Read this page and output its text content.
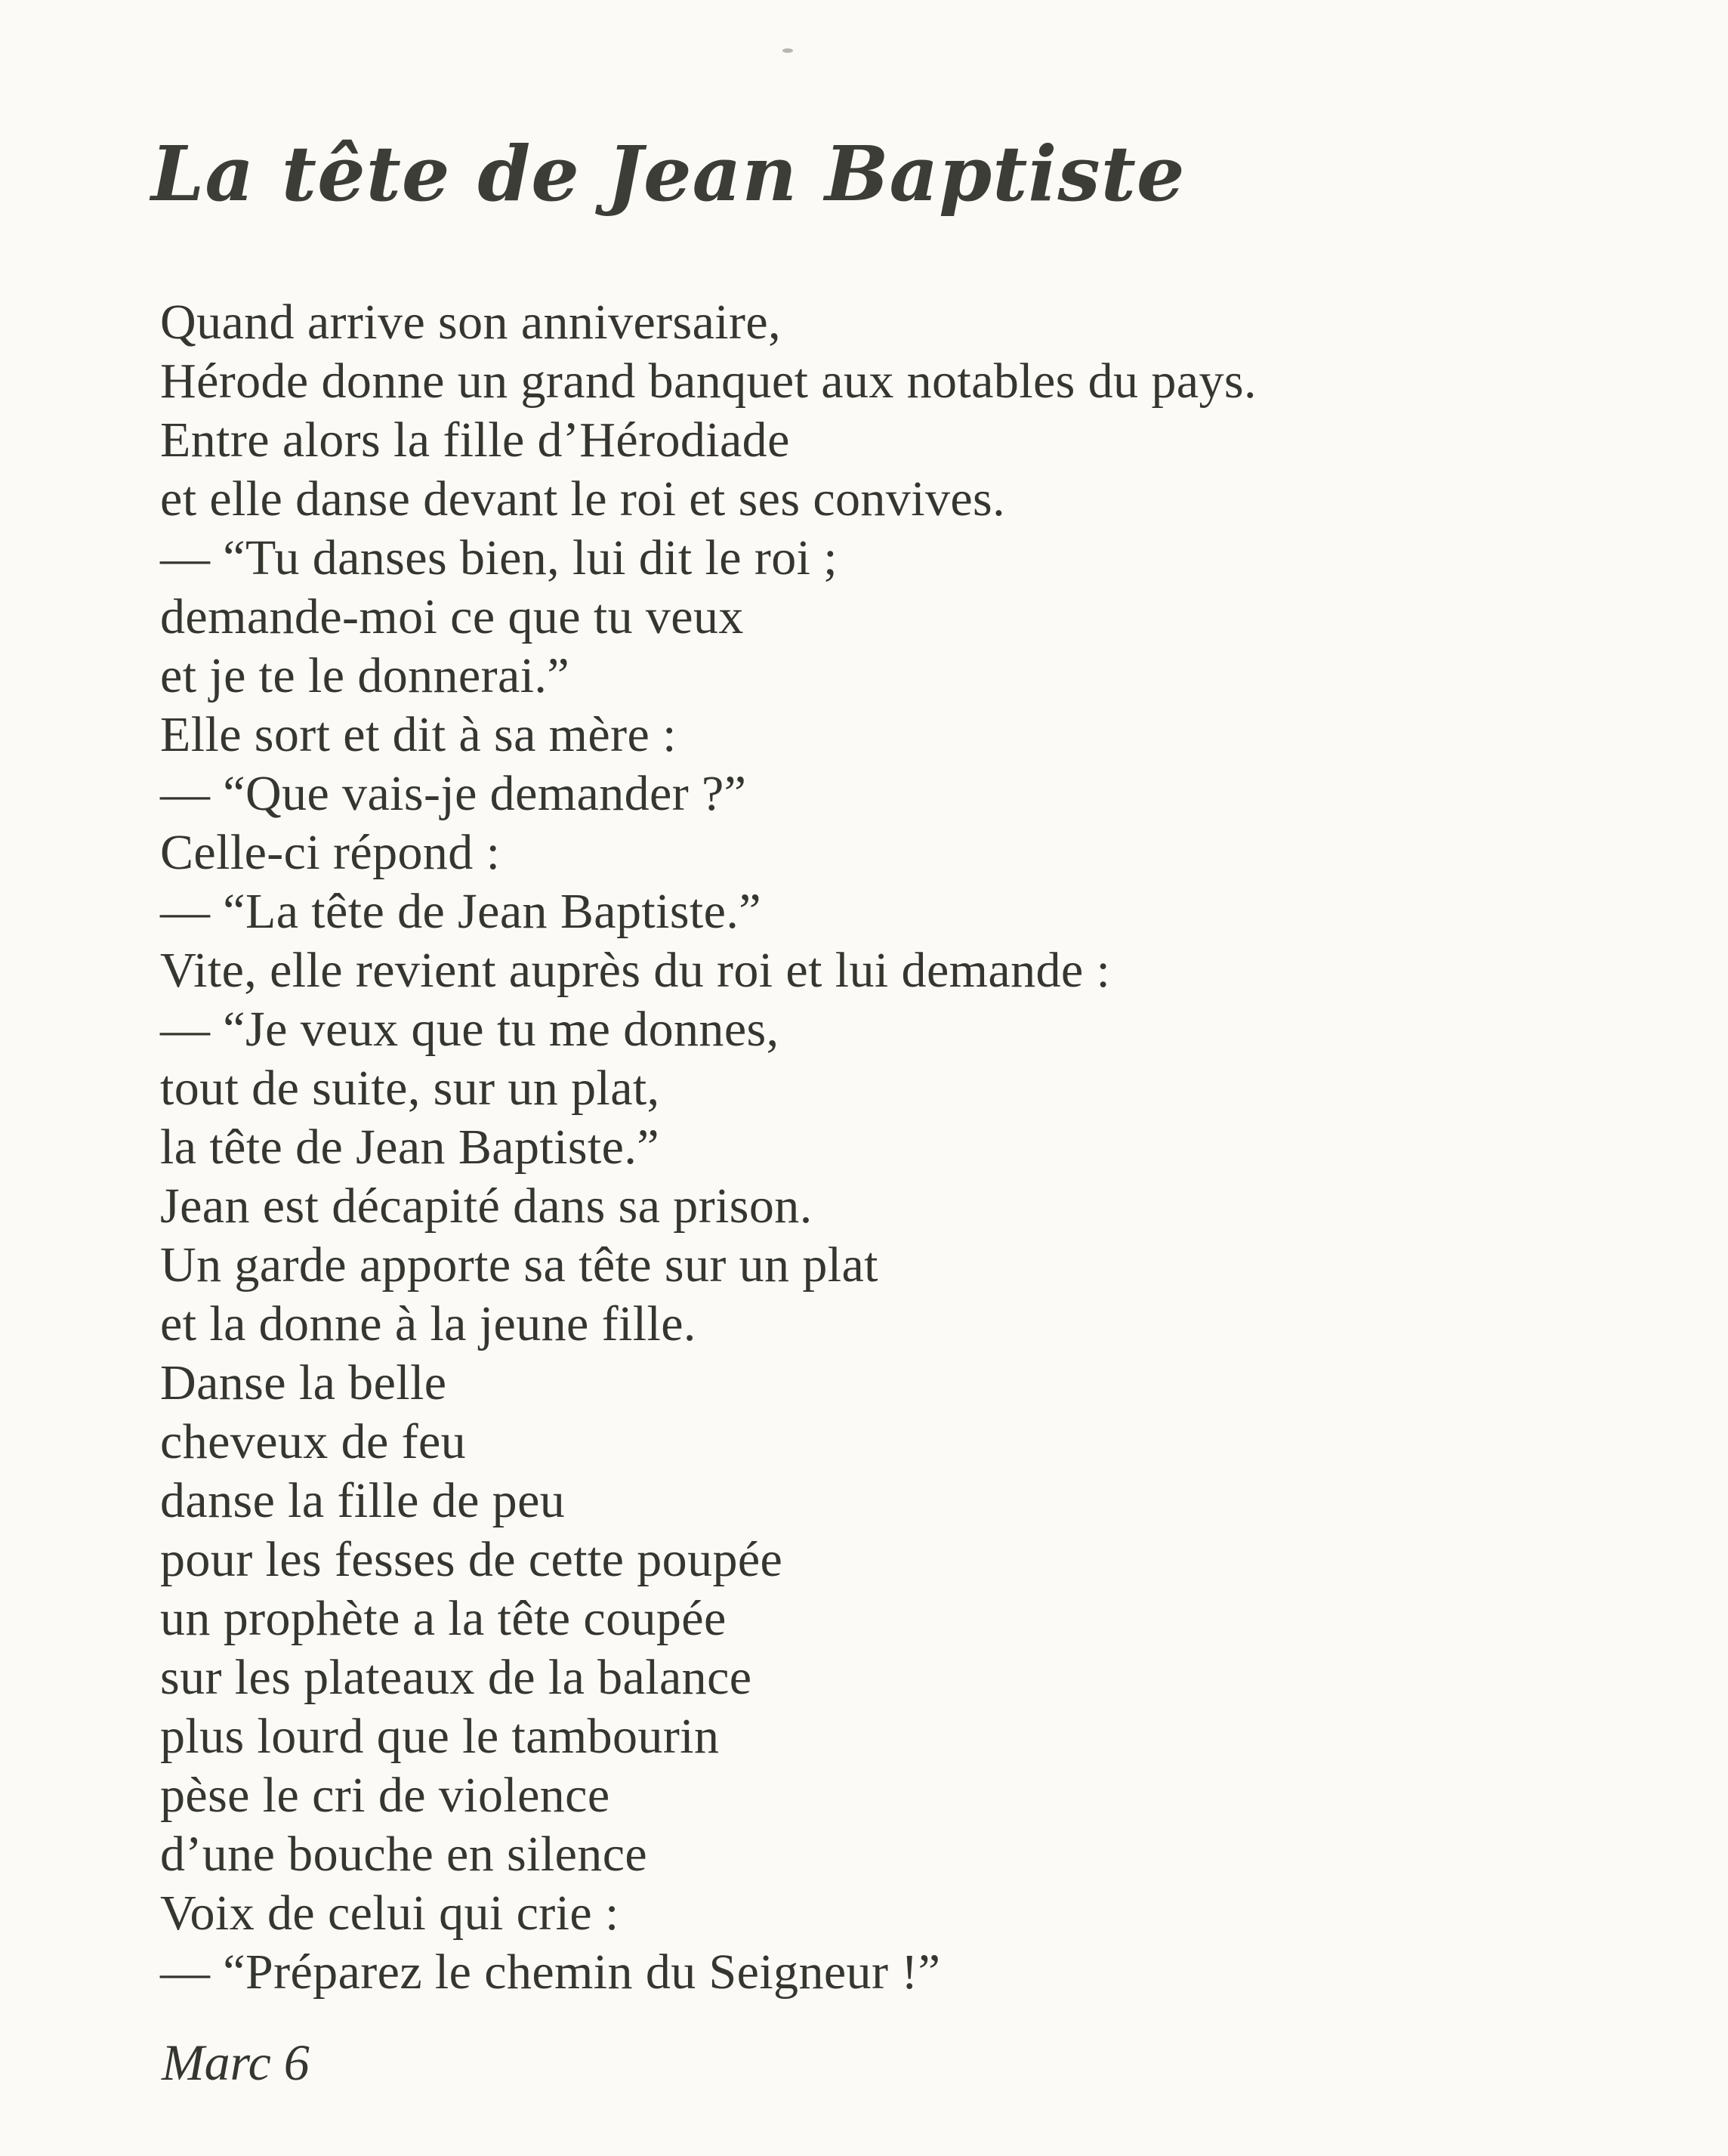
La tête de Jean Baptiste
Quand arrive son anniversaire,
Hérode donne un grand banquet aux notables du pays.
Entre alors la fille d’Hérodiade
et elle danse devant le roi et ses convives.
— “Tu danses bien, lui dit le roi ;
demande-moi ce que tu veux
et je te le donnerai.”
Elle sort et dit à sa mère :
— “Que vais-je demander ?”
Celle-ci répond :
— “La tête de Jean Baptiste.”
Vite, elle revient auprès du roi et lui demande :
— “Je veux que tu me donnes,
tout de suite, sur un plat,
la tête de Jean Baptiste.”
Jean est décapité dans sa prison.
Un garde apporte sa tête sur un plat
et la donne à la jeune fille.
Danse la belle
cheveux de feu
danse la fille de peu
pour les fesses de cette poupée
un prophète a la tête coupée
sur les plateaux de la balance
plus lourd que le tambourin
pèse le cri de violence
d’une bouche en silence
Voix de celui qui crie :
— “Préparez le chemin du Seigneur !”

Marc 6
